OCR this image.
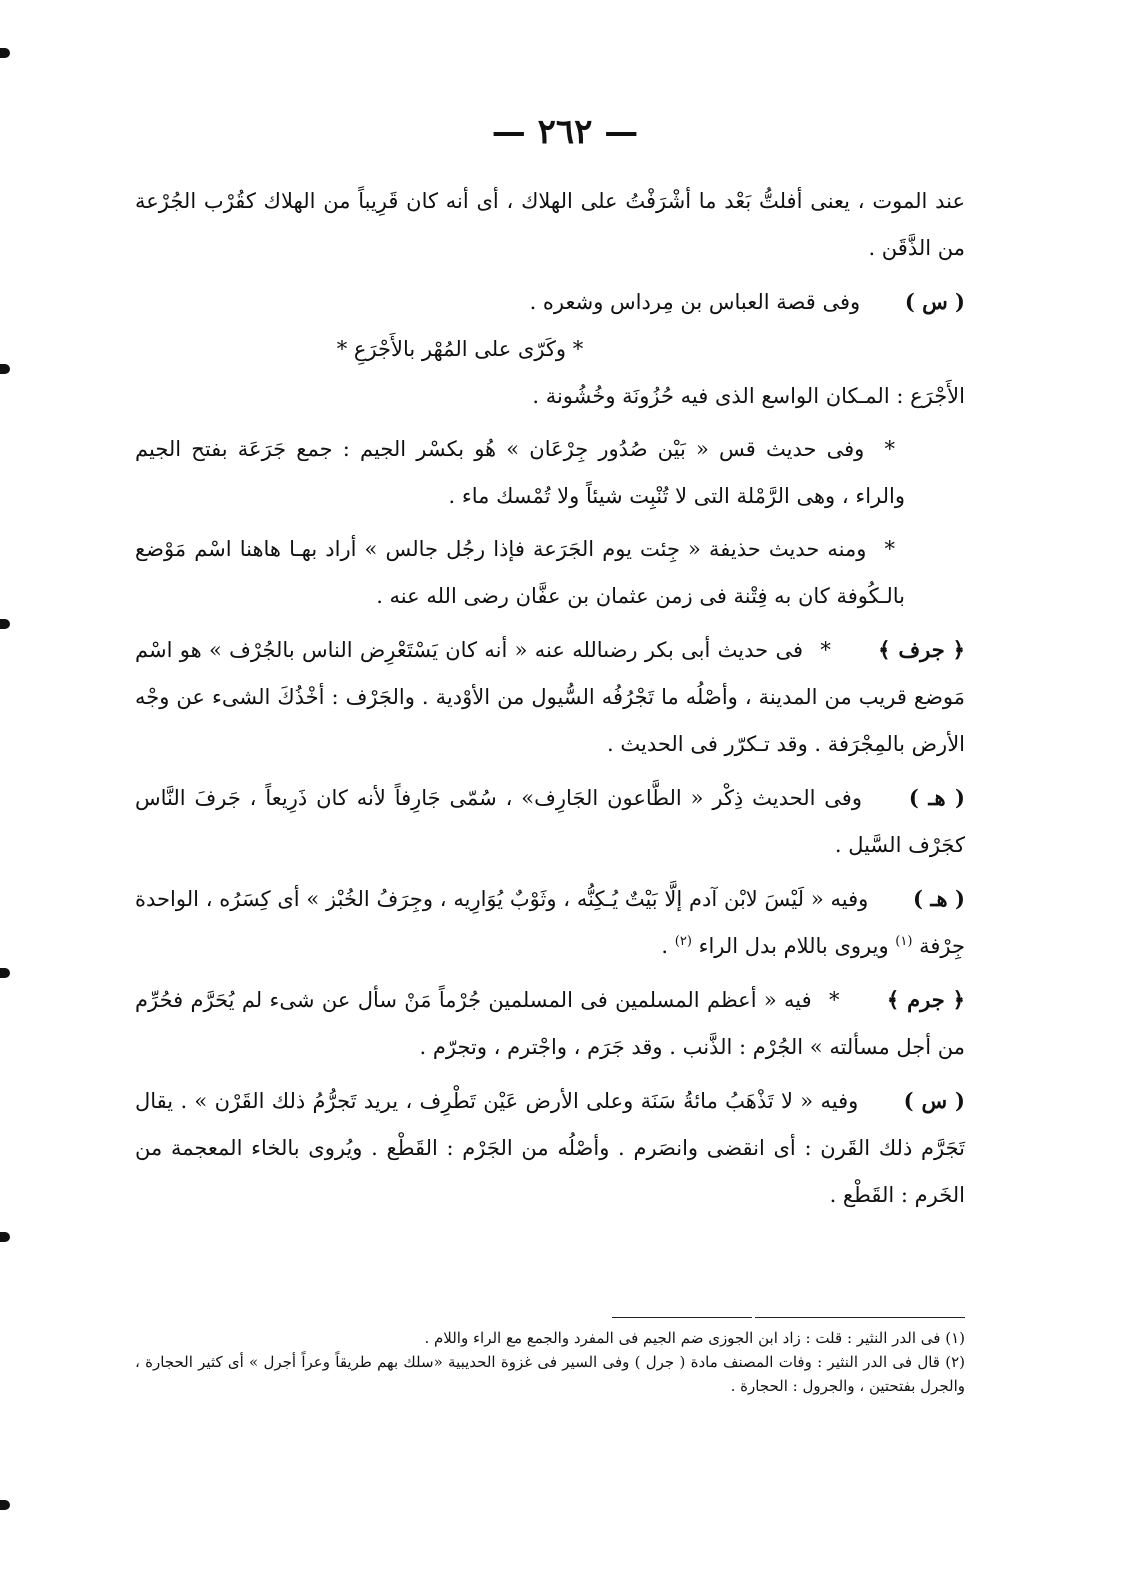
— ٢٦٢ —

عند الموت ، يعنى أفلتُّ بَعْد ما أشْرَفْتُ على الهلاك ، أى أنه كان قَرِيباً من الهلاك كقُرْب الجُرْعة من الذَّقَن .

( س ) وفى قصة العباس بن مِرداس وشعره .

* وكَرّى على المُهْر بالأَجْرَعِ *

الأَجْرَع : المـكان الواسع الذى فيه حُزُونَة وخُشُونة .

* وفى حديث قس « بَيْن صُدُور جِرْعَان » هُو بكسْر الجيم : جمع جَرَعَة بفتح الجيم والراء ، وهى الرَّمْلة التى لا تُنْبِت شيئاً ولا تُمْسك ماء .

* ومنه حديث حذيفة « جِئت يوم الجَرَعة فإذا رجُل جالس » أراد بهـا هاهنا اسْم مَوْضع بالـكُوفة كان به فِتْنة فى زمن عثمان بن عفَّان رضى الله عنه .

﴿ جرف ﴾ * فى حديث أبى بكر رضىالله عنه « أنه كان يَسْتَعْرِض الناس بالجُرْف » هو اسْم مَوضع قريب من المدينة ، وأصْلُه ما تَجْرُفُه السُّيول من الأوْدية . والجَرْف : أخْذُكَ الشىء عن وجْه الأرض بالمِجْرَفة . وقد تـكرّر فى الحديث .

( هـ ) وفى الحديث ذِكْر « الطَّاعون الجَارِف» ، سُمّى جَارِفاً لأنه كان ذَرِيعاً ، جَرفَ النَّاس كجَرْف السَّيل .

( هـ ) وفيه « لَيْسَ لابْن آدم إلَّا بَيْتٌ يُـكِنُّه ، وثَوْبٌ يُوَارِيه ، وجِرَفُ الخُبْز » أى كِسَرُه ، الواحدة جِرْفة $^{(١)}$ ويروى باللام بدل الراء $^{(٢)}$ .

﴿ جرم ﴾ * فيه « أعظم المسلمين فى المسلمين جُرْماً مَنْ سأل عن شىء لم يُحَرَّم فحُرِّم من أجل مسألته » الجُرْم : الذَّنب . وقد جَرَم ، واجْترم ، وتجرّم .

( س ) وفيه « لا تَذْهَبُ مائةُ سَنَة وعلى الأرض عَيْن تَطْرِف ، يريد تَجرُّمُ ذلك القَرْن » . يقال تَجَرَّم ذلك القَرن : أى انقضى وانصَرم . وأصْلُه من الجَرْم : القَطْع . ويُروى بالخاء المعجمة من الخَرم : القَطْع .

(١) فى الدر النثير : قلت : زاد ابن الجوزى ضم الجيم فى المفرد والجمع مع الراء واللام .

(٢) قال فى الدر النثير : وفات المصنف مادة ( جرل ) وفى السير فى غزوة الحديبية «سلك بهم طريقاً وعراً أجرل » أى كثير الحجارة ، والجرل بفتحتين ، والجرول : الحجارة .
